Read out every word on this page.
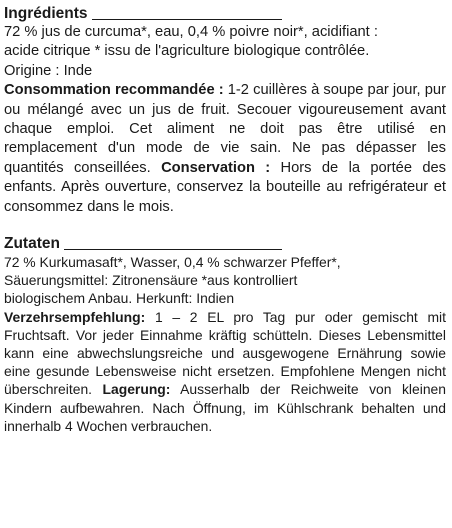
Ingrédients

72 % jus de curcuma*, eau, 0,4 % poivre noir*, acidifiant :

acide citrique * issu de l'agriculture biologique contrôlée.

Origine : Inde

Consommation recommandée : 1-2 cuillères à soupe par jour, pur ou mélangé avec un jus de fruit. Secouer vigoureusement avant chaque emploi. Cet aliment ne doit pas être utilisé en remplacement d'un mode de vie sain. Ne pas dépasser les quantités conseillées. Conservation : Hors de la portée des enfants. Après ouverture, conservez la bouteille au refrigérateur et consommez dans le mois.

Zutaten

72 % Kurkumasaft*, Wasser, 0,4 % schwarzer Pfeffer*,

Säuerungsmittel: Zitronensäure *aus kontrolliert

biologischem Anbau. Herkunft: Indien

Verzehrsempfehlung: 1 – 2 EL pro Tag pur oder gemischt mit Fruchtsaft. Vor jeder Einnahme kräftig schütteln. Dieses Lebensmittel kann eine abwechslungsreiche und ausgewogene Ernährung sowie eine gesunde Lebensweise nicht ersetzen. Empfohlene Mengen nicht überschreiten. Lagerung: Ausserhalb der Reichweite von kleinen Kindern aufbewahren. Nach Öffnung, im Kühlschrank behalten und innerhalb 4 Wochen verbrauchen.
